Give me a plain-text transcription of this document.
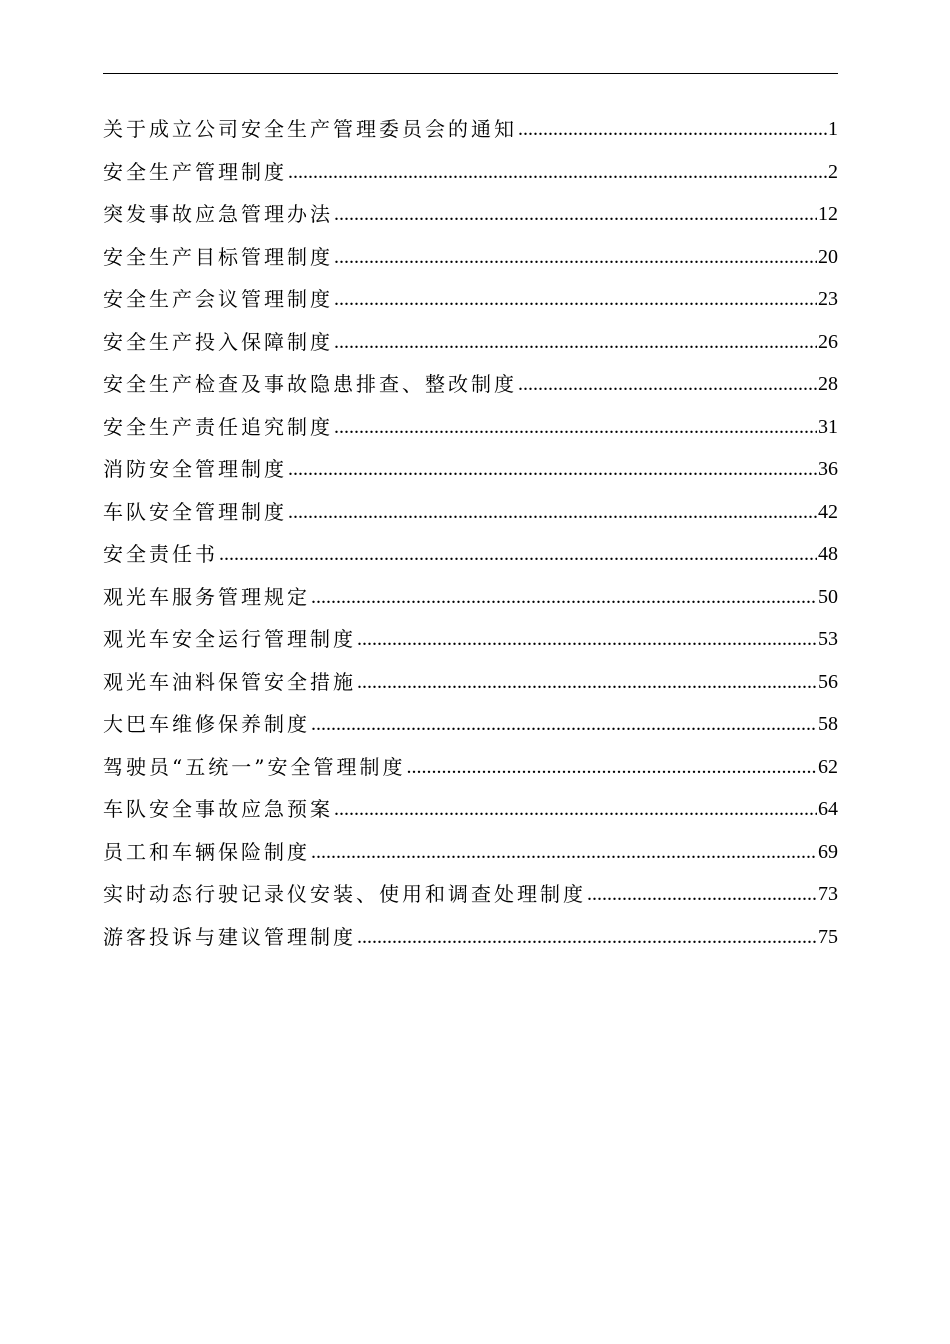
关于成立公司安全生产管理委员会的通知 .....	1
安全生产管理制度 .....	2
突发事故应急管理办法 .....	12
安全生产目标管理制度 .....	20
安全生产会议管理制度 .....	23
安全生产投入保障制度 .....	26
安全生产检查及事故隐患排查、整改制度 .....	28
安全生产责任追究制度 .....	31
消防安全管理制度 .....	36
车队安全管理制度 .....	42
安全责任书 .....	48
观光车服务管理规定 .....	50
观光车安全运行管理制度 .....	53
观光车油料保管安全措施 .....	56
大巴车维修保养制度 .....	58
驾驶员“五统一”安全管理制度 .....	62
车队安全事故应急预案 .....	64
员工和车辆保险制度 .....	69
实时动态行驶记录仪安装、使用和调查处理制度 .....	73
游客投诉与建议管理制度 .....	75
